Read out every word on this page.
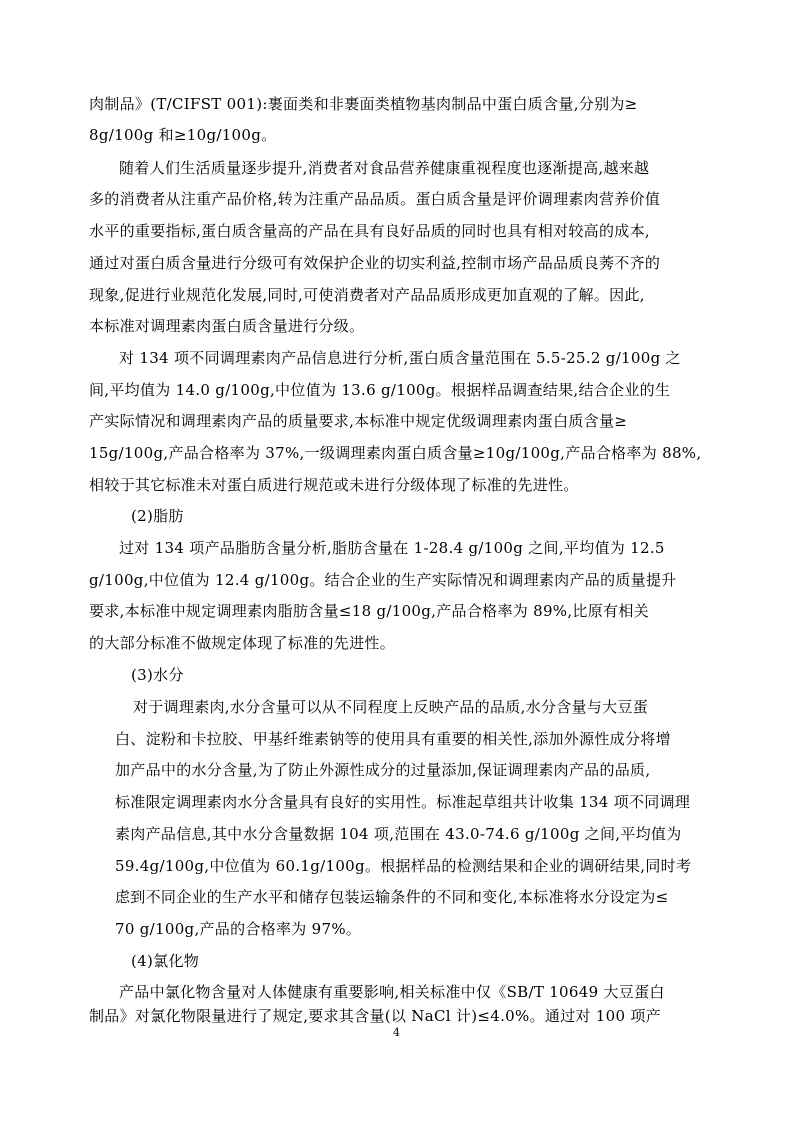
肉制品》(T/CIFST 001):裹面类和非裹面类植物基肉制品中蛋白质含量,分别为≥
8g/100g 和≥10g/100g。
随着人们生活质量逐步提升,消费者对食品营养健康重视程度也逐渐提高,越来越
多的消费者从注重产品价格,转为注重产品品质。蛋白质含量是评价调理素肉营养价值
水平的重要指标,蛋白质含量高的产品在具有良好品质的同时也具有相对较高的成本,
通过对蛋白质含量进行分级可有效保护企业的切实利益,控制市场产品品质良莠不齐的
现象,促进行业规范化发展,同时,可使消费者对产品品质形成更加直观的了解。因此,
本标准对调理素肉蛋白质含量进行分级。
对 134 项不同调理素肉产品信息进行分析,蛋白质含量范围在 5.5-25.2 g/100g 之
间,平均值为 14.0 g/100g,中位值为 13.6 g/100g。根据样品调查结果,结合企业的生
产实际情况和调理素肉产品的质量要求,本标准中规定优级调理素肉蛋白质含量≥
15g/100g,产品合格率为 37%,一级调理素肉蛋白质含量≥10g/100g,产品合格率为 88%,
相较于其它标准未对蛋白质进行规范或未进行分级体现了标准的先进性。
(2)脂肪
过对 134 项产品脂肪含量分析,脂肪含量在 1-28.4 g/100g 之间,平均值为 12.5
g/100g,中位值为 12.4 g/100g。结合企业的生产实际情况和调理素肉产品的质量提升
要求,本标准中规定调理素肉脂肪含量≤18 g/100g,产品合格率为 89%,比原有相关
的大部分标准不做规定体现了标准的先进性。
(3)水分
对于调理素肉,水分含量可以从不同程度上反映产品的品质,水分含量与大豆蛋
白、淀粉和卡拉胶、甲基纤维素钠等的使用具有重要的相关性,添加外源性成分将增
加产品中的水分含量,为了防止外源性成分的过量添加,保证调理素肉产品的品质,
标准限定调理素肉水分含量具有良好的实用性。标准起草组共计收集 134 项不同调理
素肉产品信息,其中水分含量数据 104 项,范围在 43.0-74.6 g/100g 之间,平均值为
59.4g/100g,中位值为 60.1g/100g。根据样品的检测结果和企业的调研结果,同时考
虑到不同企业的生产水平和储存包装运输条件的不同和变化,本标准将水分设定为≤
70 g/100g,产品的合格率为 97%。
(4)氯化物
产品中氯化物含量对人体健康有重要影响,相关标准中仅《SB/T 10649 大豆蛋白
制品》对氯化物限量进行了规定,要求其含量(以 NaCl 计)≤4.0%。通过对 100 项产
4
